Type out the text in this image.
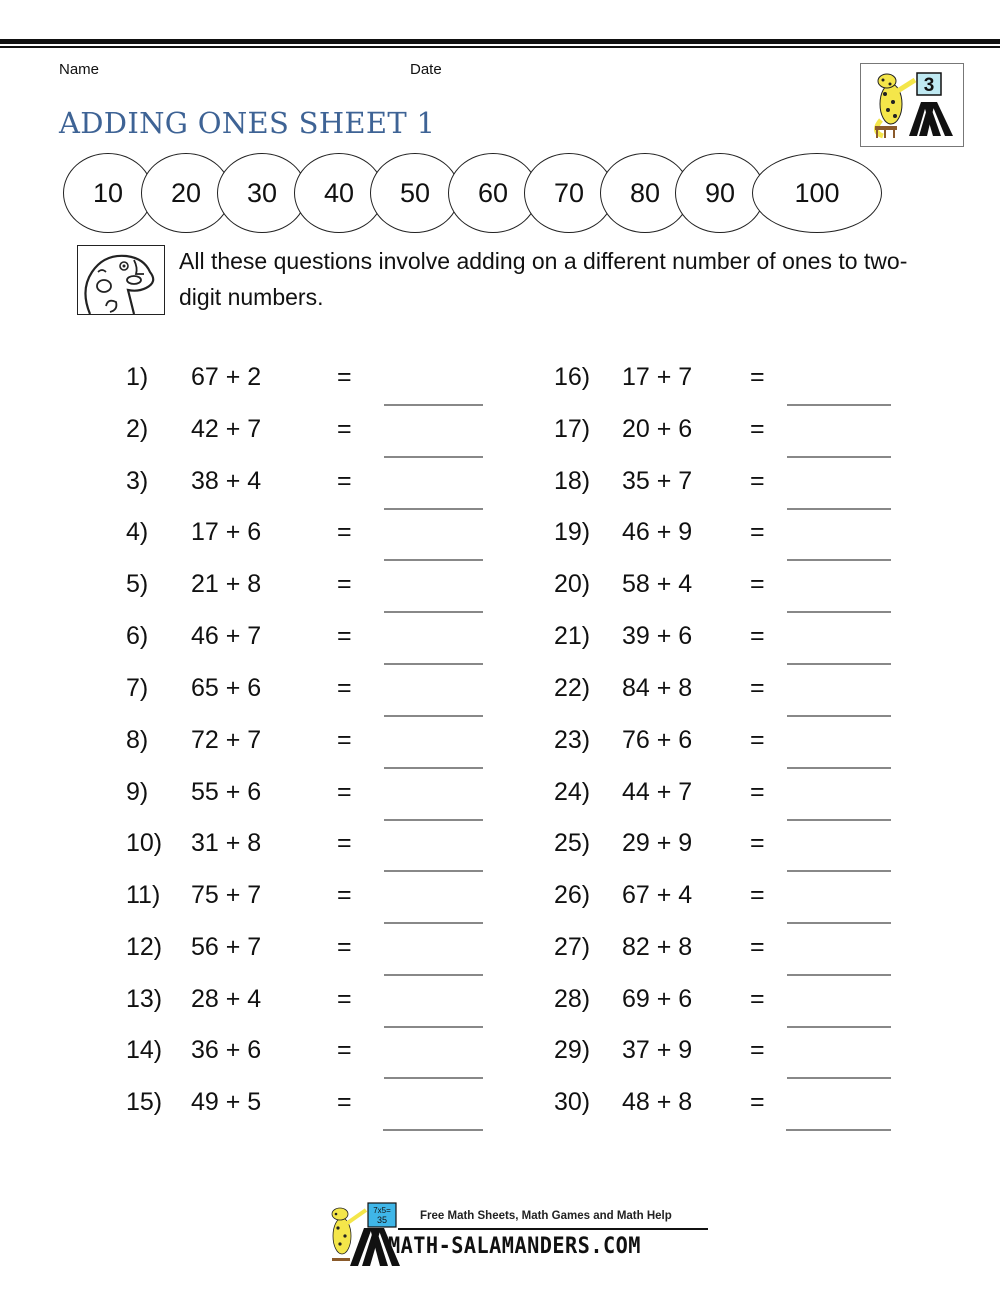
Name	Date
ADDING ONES SHEET 1
3
10	20	30	40	50	60	70	80	90	100
All these questions involve adding on a different number of ones to two-digit numbers.
1) 67 + 2	=
2) 42 + 7	=
3) 38 + 4	=
4) 17 + 6	=
5) 21 + 8	=
6) 46 + 7	=
7) 65 + 6	=
8) 72 + 7	=
9) 55 + 6	=
10) 31 + 8	=
11) 75 + 7	=
12) 56 + 7	=
13) 28 + 4	=
14) 36 + 6	=
15) 49 + 5	=
16) 17 + 7 =
17) 20 + 6 =
18) 35 + 7 =
19) 46 + 9 =
20) 58 + 4 =
21) 39 + 6 =
22) 84 + 8 =
23) 76 + 6 =
24) 44 + 7 =
25) 29 + 9 =
26) 67 + 4 =
27) 82 + 8 =
28) 69 + 6 =
29) 37 + 9 =
30) 48 + 8 =
7x5=
35	Free Math Sheets, Math Games and Math Help
MATH-SALAMANDERS.COM
